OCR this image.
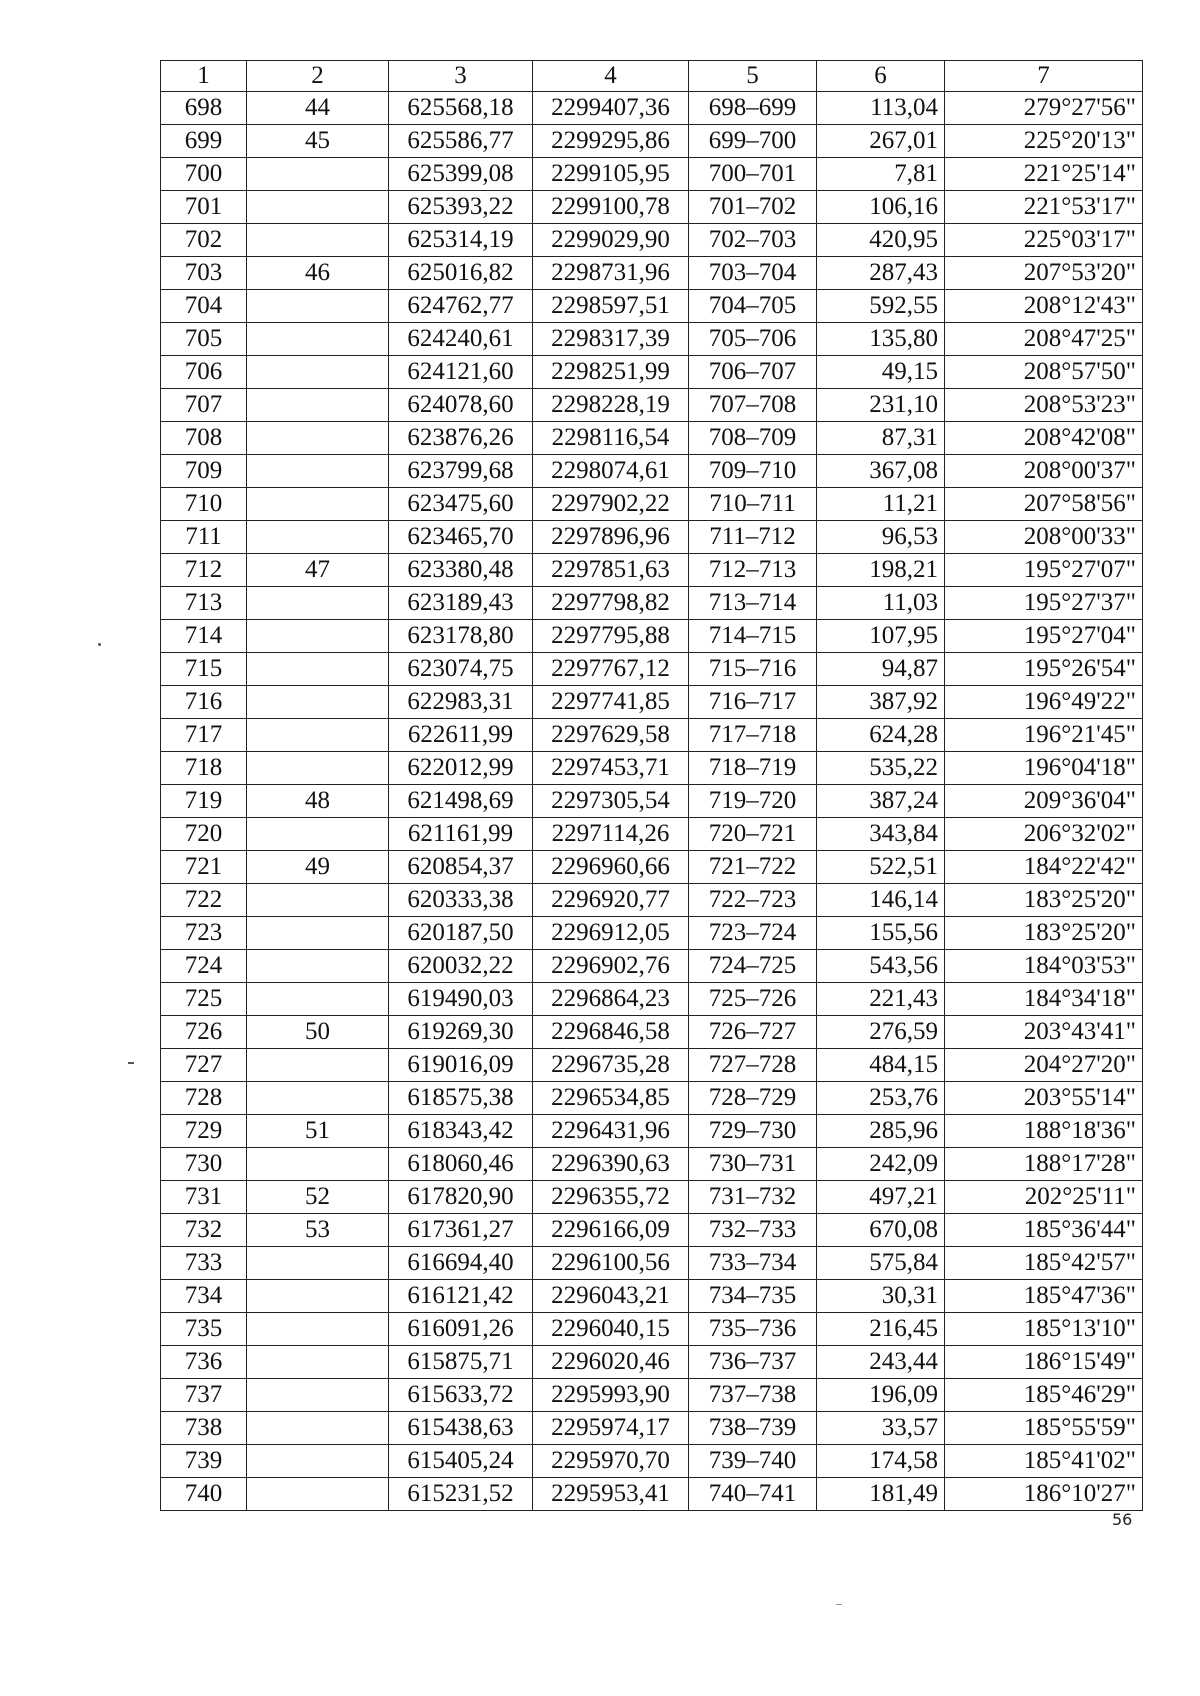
1	2	3	4	5	6	7
698	44	625568,18	2299407,36	698–699	113,04	279°27'56"
699	45	625586,77	2299295,86	699–700	267,01	225°20'13"
700		625399,08	2299105,95	700–701	7,81	221°25'14"
701		625393,22	2299100,78	701–702	106,16	221°53'17"
702		625314,19	2299029,90	702–703	420,95	225°03'17"
703	46	625016,82	2298731,96	703–704	287,43	207°53'20"
704		624762,77	2298597,51	704–705	592,55	208°12'43"
705		624240,61	2298317,39	705–706	135,80	208°47'25"
706		624121,60	2298251,99	706–707	49,15	208°57'50"
707		624078,60	2298228,19	707–708	231,10	208°53'23"
708		623876,26	2298116,54	708–709	87,31	208°42'08"
709		623799,68	2298074,61	709–710	367,08	208°00'37"
710		623475,60	2297902,22	710–711	11,21	207°58'56"
711		623465,70	2297896,96	711–712	96,53	208°00'33"
712	47	623380,48	2297851,63	712–713	198,21	195°27'07"
713		623189,43	2297798,82	713–714	11,03	195°27'37"
714		623178,80	2297795,88	714–715	107,95	195°27'04"
715		623074,75	2297767,12	715–716	94,87	195°26'54"
716		622983,31	2297741,85	716–717	387,92	196°49'22"
717		622611,99	2297629,58	717–718	624,28	196°21'45"
718		622012,99	2297453,71	718–719	535,22	196°04'18"
719	48	621498,69	2297305,54	719–720	387,24	209°36'04"
720		621161,99	2297114,26	720–721	343,84	206°32'02"
721	49	620854,37	2296960,66	721–722	522,51	184°22'42"
722		620333,38	2296920,77	722–723	146,14	183°25'20"
723		620187,50	2296912,05	723–724	155,56	183°25'20"
724		620032,22	2296902,76	724–725	543,56	184°03'53"
725		619490,03	2296864,23	725–726	221,43	184°34'18"
726	50	619269,30	2296846,58	726–727	276,59	203°43'41"
727		619016,09	2296735,28	727–728	484,15	204°27'20"
728		618575,38	2296534,85	728–729	253,76	203°55'14"
729	51	618343,42	2296431,96	729–730	285,96	188°18'36"
730		618060,46	2296390,63	730–731	242,09	188°17'28"
731	52	617820,90	2296355,72	731–732	497,21	202°25'11"
732	53	617361,27	2296166,09	732–733	670,08	185°36'44"
733		616694,40	2296100,56	733–734	575,84	185°42'57"
734		616121,42	2296043,21	734–735	30,31	185°47'36"
735		616091,26	2296040,15	735–736	216,45	185°13'10"
736		615875,71	2296020,46	736–737	243,44	186°15'49"
737		615633,72	2295993,90	737–738	196,09	185°46'29"
738		615438,63	2295974,17	738–739	33,57	185°55'59"
739		615405,24	2295970,70	739–740	174,58	185°41'02"
740		615231,52	2295953,41	740–741	181,49	186°10'27"
56
